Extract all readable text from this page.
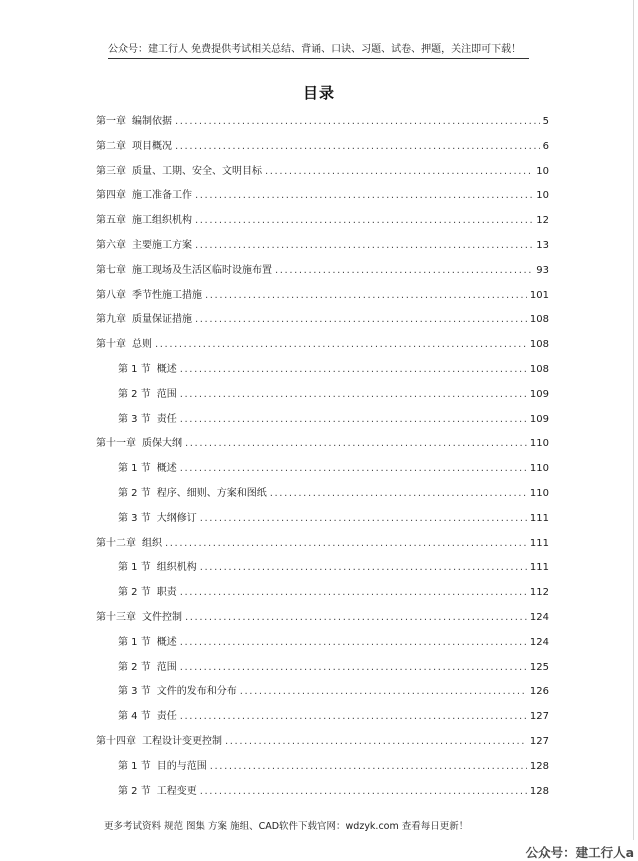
公众号：建工行人 免费提供考试相关总结、背诵、口诀、习题、试卷、押题，关注即可下载！
目录
第一章 编制依据 .....	5
第二章 项目概况 .....	6
第三章 质量、工期、安全、文明目标 .....	10
第四章 施工准备工作 .....	10
第五章 施工组织机构 .....	12
第六章 主要施工方案 .....	13
第七章 施工现场及生活区临时设施布置 .....	93
第八章 季节性施工措施 .....	101
第九章 质量保证措施 .....	108
第十章 总则 .....	108
第 1 节 概述 .....	108
第 2 节 范围 .....	109
第 3 节 责任 .....	109
第十一章 质保大纲 .....	110
第 1 节 概述 .....	110
第 2 节 程序、细则、方案和图纸 .....	110
第 3 节 大纲修订 .....	111
第十二章 组织 .....	111
第 1 节 组织机构 .....	111
第 2 节 职责 .....	112
第十三章 文件控制 .....	124
第 1 节 概述 .....	124
第 2 节 范围 .....	125
第 3 节 文件的发布和分布 .....	126
第 4 节 责任 .....	127
第十四章 工程设计变更控制 .....	127
第 1 节 目的与范围 .....	128
第 2 节 工程变更 .....	128
更多考试资料 规范 图集 方案 施组、CAD软件下载官网：wdzyk.com 查看每日更新！
公众号：建工行人a
